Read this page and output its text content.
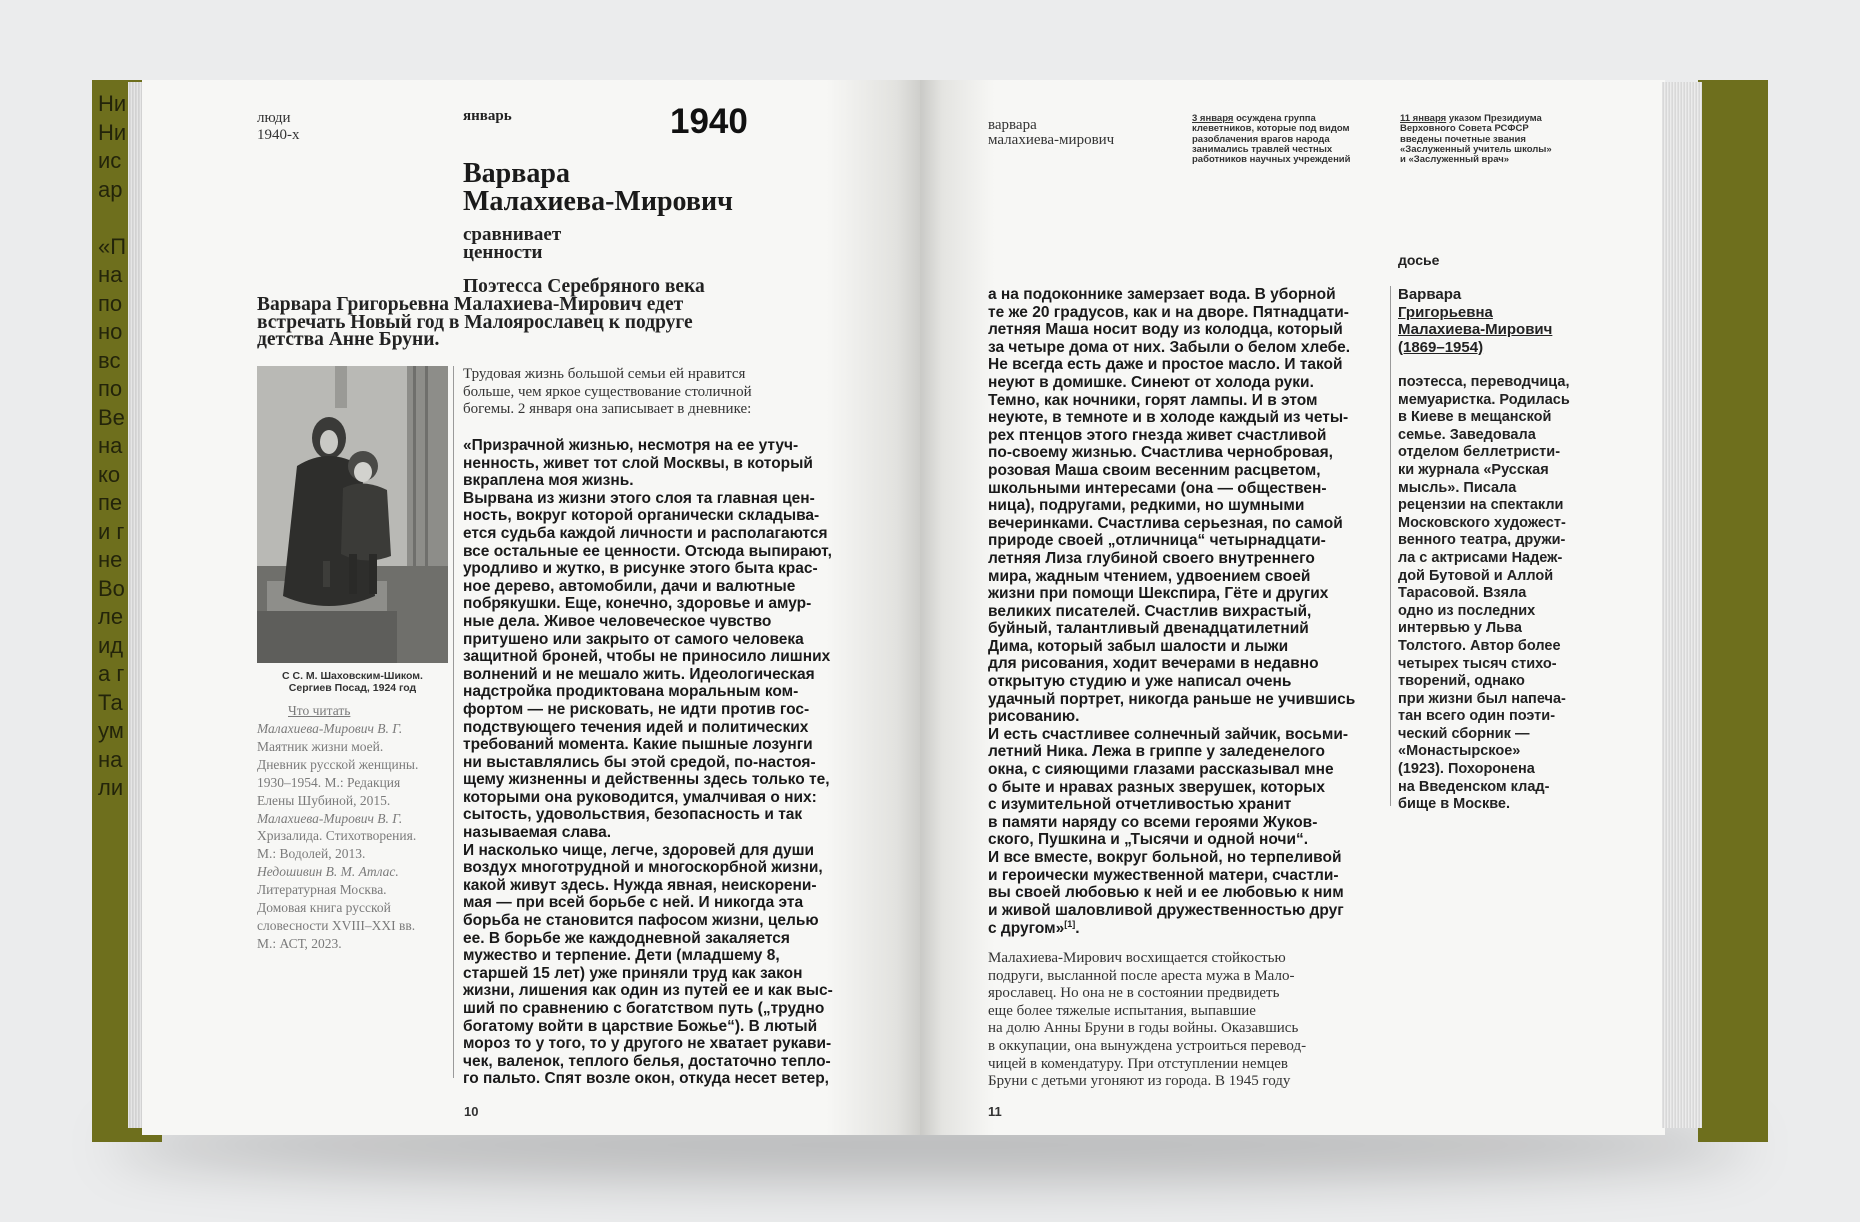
Ни
Ни
ис
ар
«П
на
по
но
вс
по
Ве
на
ко
пе
и г
не
Во
ле
ид
а г
Та
ум
на
ли
люди
1940-х
январь	1940
Варвара
Малахиева-Мирович
сравнивает
ценности
Поэтесса Серебряного века
Варвара Григорьевна Малахиева-Мирович едет
встречать Новый год в Малоярославец к подруге
детства Анне Бруни.
С С. М. Шаховским-Шиком.
Сергиев Посад, 1924 год
Что читать
Малахиева-Мирович В. Г.
Маятник жизни моей.
Дневник русской женщины.
1930–1954. М.: Редакция
Елены Шубиной, 2015.
Малахиева-Мирович В. Г.
Хризалида. Стихотворения.
М.: Водолей, 2013.
Недошивин В. М. Атлас.
Литературная Москва.
Домовая книга русской
словесности XVIII–XXI вв.
М.: АСТ, 2023.
Трудовая жизнь большой семьи ей нравится
больше, чем яркое существование столичной
богемы. 2 января она записывает в дневнике:
«Призрачной жизнью, несмотря на ее утуч-
ненность, живет тот слой Москвы, в который
вкраплена моя жизнь.
Вырвана из жизни этого слоя та главная цен-
ность, вокруг которой органически складыва-
ется судьба каждой личности и располагаются
все остальные ее ценности. Отсюда выпирают,
уродливо и жутко, в рисунке этого быта крас-
ное дерево, автомобили, дачи и валютные
побрякушки. Еще, конечно, здоровье и амур-
ные дела. Живое человеческое чувство
притушено или закрыто от самого человека
защитной броней, чтобы не приносило лишних
волнений и не мешало жить. Идеологическая
надстройка продиктована моральным ком-
фортом — не рисковать, не идти против гос-
подствующего течения идей и политических
требований момента. Какие пышные лозунги
ни выставлялись бы этой средой, по-настоя-
щему жизненны и действенны здесь только те,
которыми она руководится, умалчивая о них:
сытость, удовольствия, безопасность и так
называемая слава.
И насколько чище, легче, здоровей для души
воздух многотрудной и многоскорбной жизни,
какой живут здесь. Нужда явная, неискорени-
мая — при всей борьбе с ней. И никогда эта
борьба не становится пафосом жизни, целью
ее. В борьбе же каждодневной закаляется
мужество и терпение. Дети (младшему 8,
старшей 15 лет) уже приняли труд как закон
жизни, лишения как один из путей ее и как выс-
ший по сравнению с богатством путь („трудно
богатому войти в царствие Божье“). В лютый
мороз то у того, то у другого не хватает рукави-
чек, валенок, теплого белья, достаточно тепло-
го пальто. Спят возле окон, откуда несет ветер,
10
варвара
малахиева-мирович
3 января осуждена группа
клеветников, которые под видом
разоблачения врагов народа
занимались травлей честных
работников научных учреждений
11 января указом Президиума
Верховного Совета РСФСР
введены почетные звания
«Заслуженный учитель школы»
и «Заслуженный врач»
досье
Варвара
Григорьевна
Малахиева-Мирович
(1869–1954)
поэтесса, переводчица,
мемуаристка. Родилась
в Киеве в мещанской
семье. Заведовала
отделом беллетристи-
ки журнала «Русская
мысль». Писала
рецензии на спектакли
Московского художест-
венного театра, дружи-
ла с актрисами Надеж-
дой Бутовой и Аллой
Тарасовой. Взяла
одно из последних
интервью у Льва
Толстого. Автор более
четырех тысяч стихо-
творений, однако
при жизни был напеча-
тан всего один поэти-
ческий сборник —
«Монастырское»
(1923). Похоронена
на Введенском клад-
бище в Москве.
а на подоконнике замерзает вода. В уборной
те же 20 градусов, как и на дворе. Пятнадцати-
летняя Маша носит воду из колодца, который
за четыре дома от них. Забыли о белом хлебе.
Не всегда есть даже и простое масло. И такой
неуют в домишке. Синеют от холода руки.
Темно, как ночники, горят лампы. И в этом
неуюте, в темноте и в холоде каждый из четы-
рех птенцов этого гнезда живет счастливой
по-своему жизнью. Счастлива чернобровая,
розовая Маша своим весенним расцветом,
школьными интересами (она — обществен-
ница), подругами, редкими, но шумными
вечеринками. Счастлива серьезная, по самой
природе своей „отличница“ четырнадцати-
летняя Лиза глубиной своего внутреннего
мира, жадным чтением, удвоением своей
жизни при помощи Шекспира, Гёте и других
великих писателей. Счастлив вихрастый,
буйный, талантливый двенадцатилетний
Дима, который забыл шалости и лыжи
для рисования, ходит вечерами в недавно
открытую студию и уже написал очень
удачный портрет, никогда раньше не учившись
рисованию.
И есть счастливее солнечный зайчик, восьми-
летний Ника. Лежа в гриппе у заледенелого
окна, с сияющими глазами рассказывал мне
о быте и нравах разных зверушек, которых
с изумительной отчетливостью хранит
в памяти наряду со всеми героями Жуков-
ского, Пушкина и „Тысячи и одной ночи“.
И все вместе, вокруг больной, но терпеливой
и героически мужественной матери, счастли-
вы своей любовью к ней и ее любовью к ним
и живой шаловливой дружественностью друг
с другом»[1].
Малахиева-Мирович восхищается стойкостью
подруги, высланной после ареста мужа в Мало-
ярославец. Но она не в состоянии предвидеть
еще более тяжелые испытания, выпавшие
на долю Анны Бруни в годы войны. Оказавшись
в оккупации, она вынуждена устроиться перевод-
чицей в комендатуру. При отступлении немцев
Бруни с детьми угоняют из города. В 1945 году
11
